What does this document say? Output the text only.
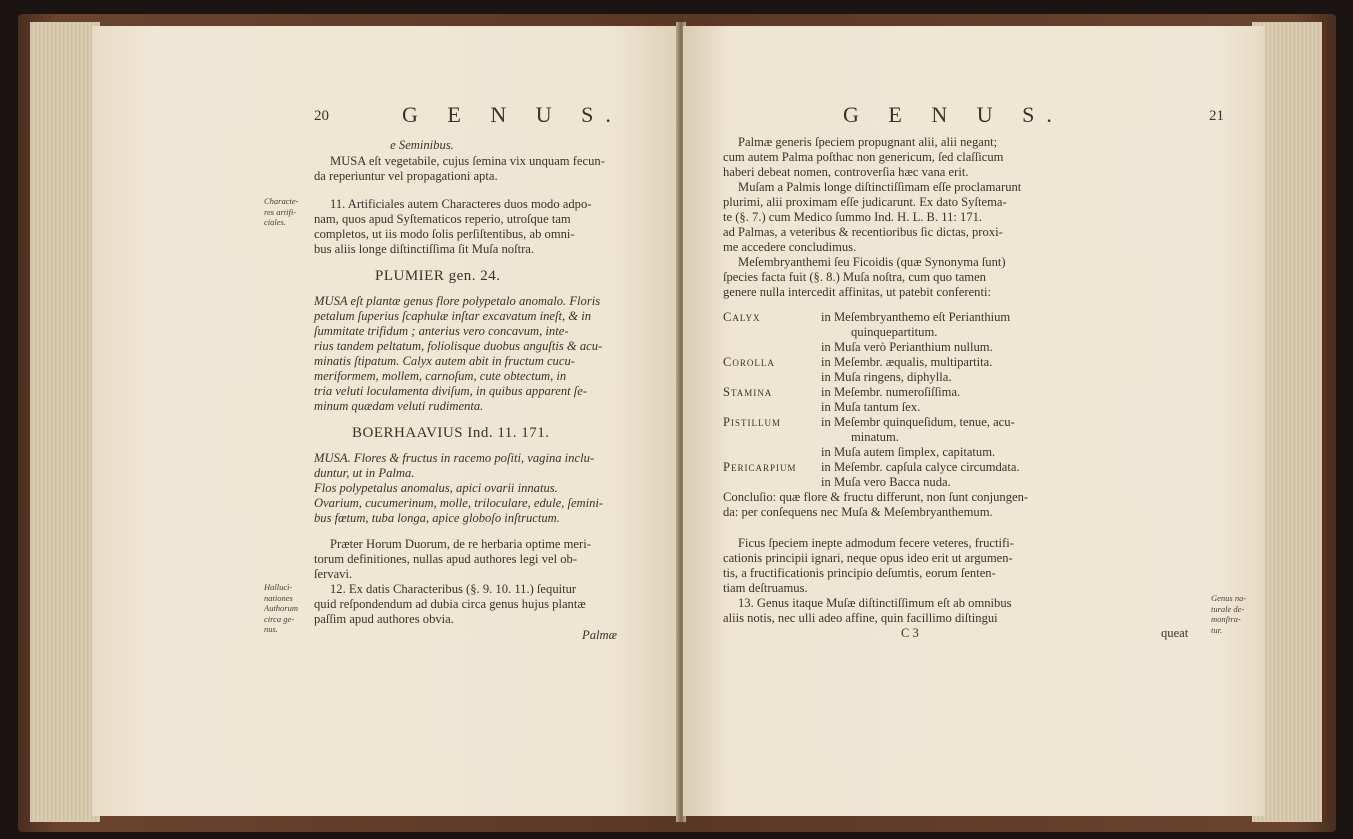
20	G E N U S.
e Seminibus.
MUSA eſt vegetabile, cujus ſemina vix unquam fecun-
da reperiuntur vel propagationi apta.
Characte-
res artifi-
ciales.
11. Artificiales autem Characteres duos modo adpo-
nam, quos apud Syſtematicos reperio, utroſque tam
completos, ut iis modo ſolis perſiſtentibus, ab omni-
bus aliis longe diſtinctiſſima ſit Muſa noſtra.
PLUMIER gen. 24.
MUSA eſt plantæ genus flore polypetalo anomalo. Floris
petalum ſuperius ſcaphulæ inſtar excavatum ineſt, & in
ſummitate trifidum ; anterius vero concavum, inte-
rius tandem peltatum, foliolisque duobus anguſtis & acu-
minatis ſtipatum. Calyx autem abit in fructum cucu-
meriformem, mollem, carnoſum, cute obtectum, in
tria veluti loculamenta diviſum, in quibus apparent ſe-
minum quædam veluti rudimenta.
BOERHAAVIUS Ind. 11. 171.
MUSA. Flores & fructus in racemo poſiti, vagina inclu-
duntur, ut in Palma.
Flos polypetalus anomalus, apici ovarii innatus.
Ovarium, cucumerinum, molle, triloculare, edule, ſemini-
bus fœtum, tuba longa, apice globoſo inſtructum.
Præter Horum Duorum, de re herbaria optime meri-
torum definitiones, nullas apud authores legi vel ob-
ſervavi.
Hallucì-
nationes
Authorum
circa ge-
nus.
12. Ex datis Characteribus (§. 9. 10. 11.) ſequitur
quid reſpondendum ad dubia circa genus hujus plantæ
paſſim apud authores obvia.
Palmæ
G E N U S.	21
Palmæ generis ſpeciem propugnant alii, alii negant;
cum autem Palma poſthac non genericum, ſed claſſicum
haberi debeat nomen, controverſia hæc vana erit.
Muſam a Palmis longe diſtinctiſſimam eſſe proclamarunt
plurimi, alii proximam eſſe judicarunt. Ex dato Syſtema-
te (§. 7.) cum Medico ſummo Ind. H. L. B. 11: 171.
ad Palmas, a veteribus & recentioribus ſic dictas, proxi-
me accedere concludimus.
Meſembryanthemi ſeu Ficoidis (quæ Synonyma ſunt)
ſpecies facta fuit (§. 8.) Muſa noſtra, cum quo tamen
genere nulla intercedit affinitas, ut patebit conferenti:
Calyx	in Meſembryanthemo eſt Perianthium
quinquepartitum.
in Muſa verò Perianthium nullum.
Corolla	in Meſembr. æqualis, multipartita.
in Muſa ringens, diphylla.
Stamina	in Meſembr. numeroſiſſima.
in Muſa tantum ſex.
Pistillum	in Meſembr quinqueſidum, tenue, acu-
minatum.
in Muſa autem ſimplex, capitatum.
Pericarpium in Meſembr. capſula calyce circumdata.
in Muſa vero Bacca nuda.
Concluſio: quæ flore & fructu differunt, non ſunt conjungen-
da: per conſequens nec Muſa & Meſembryanthemum.
Ficus ſpeciem inepte admodum fecere veteres, fructifi-
cationis principii ignari, neque opus ideo erit ut argumen-
tis, a fructificationis principio deſumtis, eorum ſenten-
tiam deſtruamus.
13. Genus itaque Muſæ diſtinctiſſimum eſt ab omnibus
aliis notis, nec ulli adeo affine, quin facillimo diſtingui
C 3	queat
Genus na-
turale de-
monſtra-
tur.
